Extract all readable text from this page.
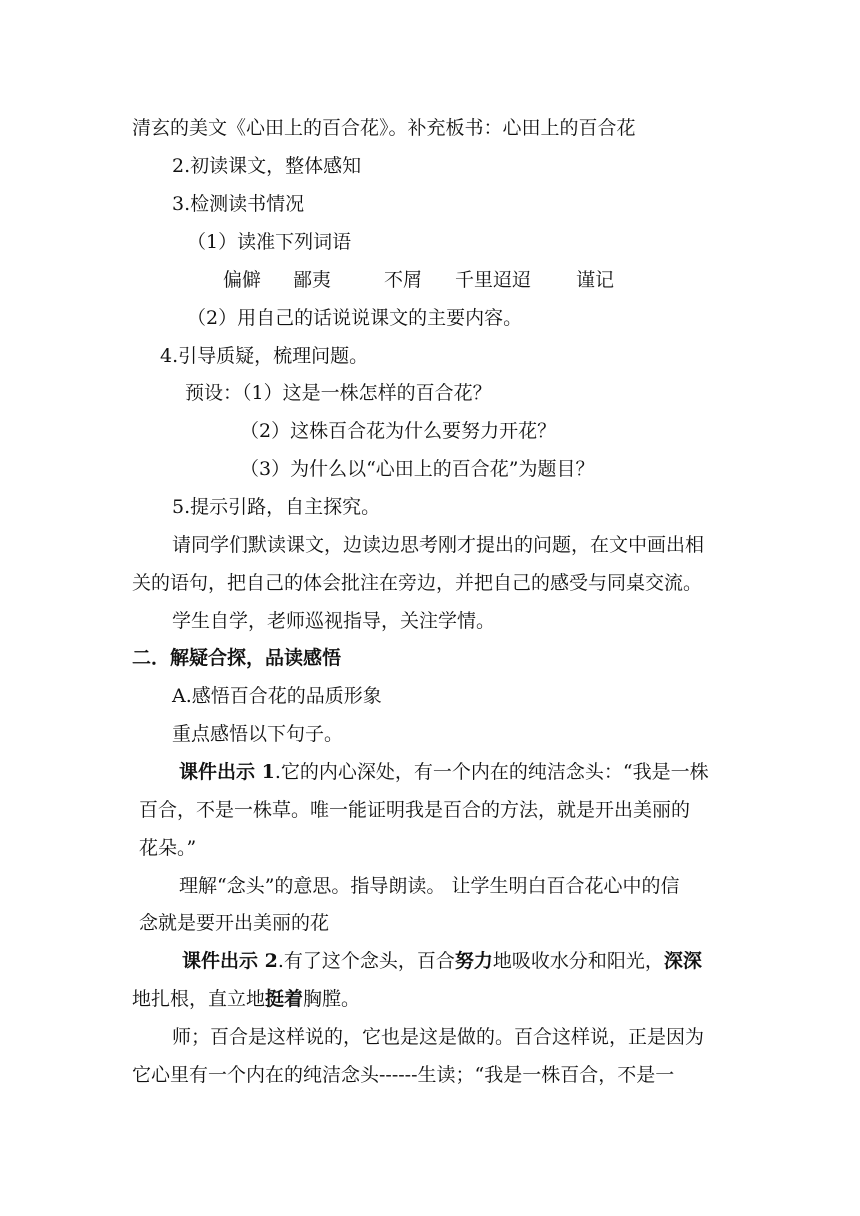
清玄的美文《心田上的百合花》。补充板书：心田上的百合花
2.初读课文，整体感知
3.检测读书情况
（1）读准下列词语
偏僻 鄙夷	不屑 千里迢迢 谨记
（2）用自己的话说说课文的主要内容。
4.引导质疑，梳理问题。
预设：（1）这是一株怎样的百合花？
（2）这株百合花为什么要努力开花？
（3）为什么以“心田上的百合花”为题目？
5.提示引路，自主探究。
请同学们默读课文，边读边思考刚才提出的问题，在文中画出相
关的语句，把自己的体会批注在旁边，并把自己的感受与同桌交流。
学生自学，老师巡视指导，关注学情。
二．解疑合探，品读感悟
A.感悟百合花的品质形象
重点感悟以下句子。
课件出示 1.它的内心深处，有一个内在的纯洁念头：“我是一株
百合，不是一株草。唯一能证明我是百合的方法，就是开出美丽的
花朵。”
理解“念头”的意思。指导朗读。 让学生明白百合花心中的信
念就是要开出美丽的花
课件出示 2.有了这个念头，百合努力地吸收水分和阳光，深深
地扎根，直立地挺着胸膛。
师；百合是这样说的，它也是这是做的。百合这样说，正是因为
它心里有一个内在的纯洁念头------生读；“我是一株百合，不是一
